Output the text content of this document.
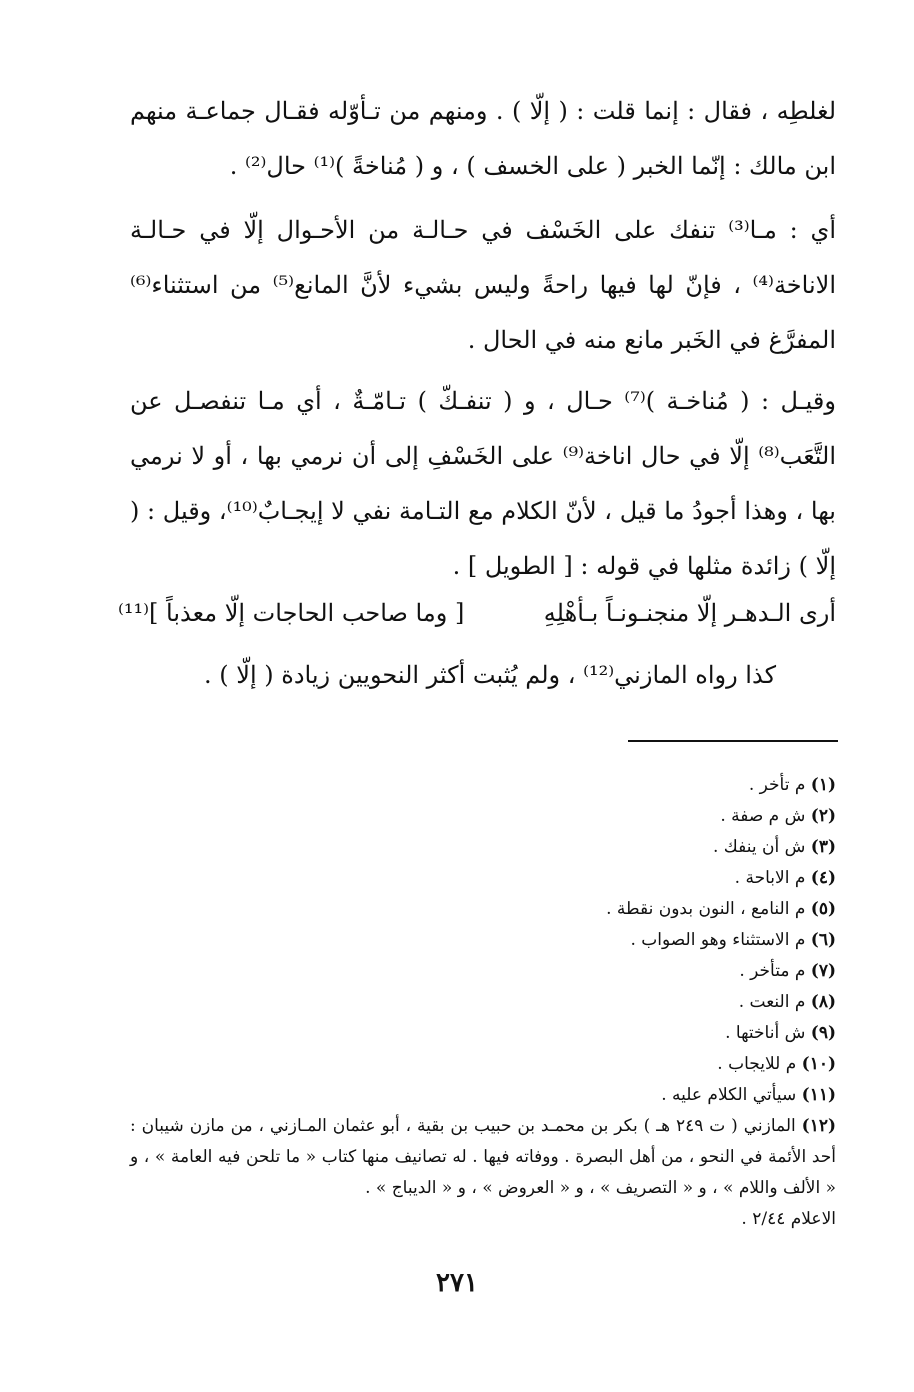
لغلطِه ، فقال : إنما قلت : ( إلّا ) . ومنهم من تـأوّله فقـال جماعـة منهم ابن مالك : إنّما الخبر ( على الخسف ) ، و ( مُناخةً )⁽¹⁾ حال⁽²⁾ .
أي : مـا⁽³⁾ تنفك على الخَسْف في حـالـة من الأحـوال إلّا في حـالـة الاناخة⁽⁴⁾ ، فإنّ لها فيها راحةً وليس بشيء لأنَّ المانع⁽⁵⁾ من استثناء⁽⁶⁾ المفرَّغ في الخَبر مانع منه في الحال .
وقيـل : ( مُناخـة )⁽⁷⁾ حـال ، و ( تنفـكّ ) تـامّـةٌ ، أي مـا تنفصـل عن التَّعَب⁽⁸⁾ إلّا في حال اناخة⁽⁹⁾ على الخَسْفِ إلى أن نرمي بها ، أو لا نرمي بها ، وهذا أجودُ ما قيل ، لأنّ الكلام مع التـامة نفي لا إيجـابٌ⁽¹⁰⁾، وقيل : ( إلّا ) زائدة مثلها في قوله : [ الطويل ] .
أرى الـدهـر إلّا منجنـونـاً بـأهْلِهِ
[ وما صاحب الحاجات إلّا معذباً ]⁽¹¹⁾
كذا رواه المازني⁽¹²⁾ ، ولم يُثبت أكثر النحويين زيادة ( إلّا ) .

(١) م تأخر .

(٢) ش م صفة .

(٣) ش أن ينفك .

(٤) م الاباحة .

(٥) م النامع ، النون بدون نقطة .

(٦) م الاستثناء وهو الصواب .

(٧) م متأخر .

(٨) م النعت .

(٩) ش أناختها .

(١٠) م للايجاب .

(١١) سيأتي الكلام عليه .

(١٢) المازني ( ت ٢٤٩ هـ ) بكر بن محمـد بن حبيب بن بقية ، أبو عثمان المـازني ، من مازن شيبان : أحد الأئمة في النحو ، من أهل البصرة . ووفاته فيها . له تصانيف منها كتاب « ما تلحن فيه العامة » ، و « الألف واللام » ، و « التصريف » ، و « العروض » ، و « الديباج » .

الاعلام ٢/٤٤ .

٢٧١
